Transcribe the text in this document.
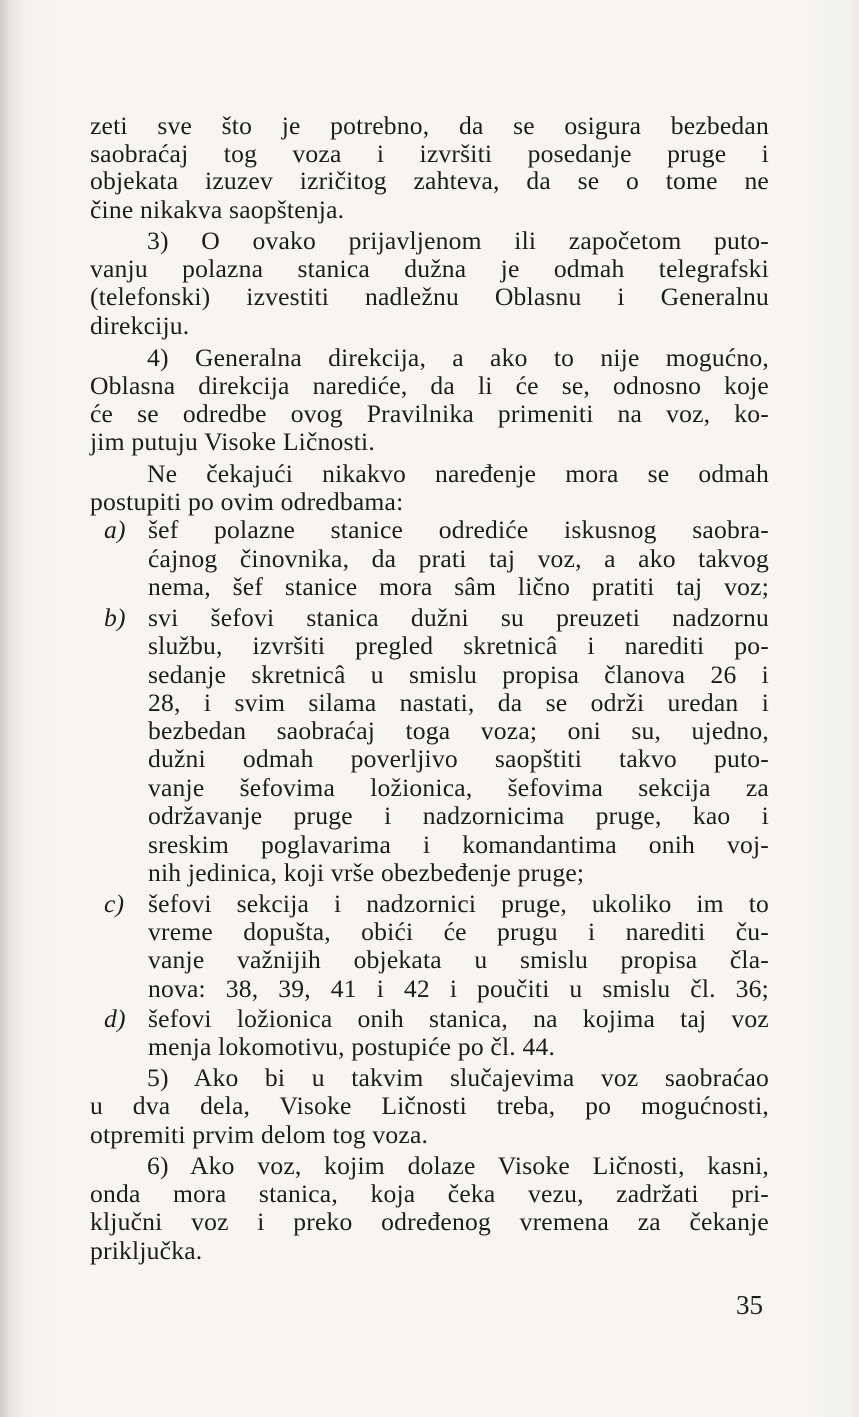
zeti sve što je potrebno, da se osigura bezbedan
saobraćaj tog voza i izvršiti posedanje pruge i
objekata izuzev izričitog zahteva, da se o tome ne
čine nikakva saopštenja.
3) O ovako prijavljenom ili započetom puto-
vanju polazna stanica dužna je odmah telegrafski
(telefonski) izvestiti nadležnu Oblasnu i Generalnu
direkciju.
4) Generalna direkcija, a ako to nije mogućno,
Oblasna direkcija narediće, da li će se, odnosno koje
će se odredbe ovog Pravilnika primeniti na voz, ko-
jim putuju Visoke Ličnosti.
Ne čekajući nikakvo naređenje mora se odmah
postupiti po ovim odredbama:
a) šef polazne stanice odrediće iskusnog saobra-
ćajnog činovnika, da prati taj voz, a ako takvog
nema, šef stanice mora sâm lično pratiti taj voz;
b) svi šefovi stanica dužni su preuzeti nadzornu
službu, izvršiti pregled skretnicâ i narediti po-
sedanje skretnicâ u smislu propisa članova 26 i
28, i svim silama nastati, da se održi uredan i
bezbedan saobraćaj toga voza; oni su, ujedno,
dužni odmah poverljivo saopštiti takvo puto-
vanje šefovima ložionica, šefovima sekcija za
održavanje pruge i nadzornicima pruge, kao i
sreskim poglavarima i komandantima onih voj-
nih jedinica, koji vrše obezbeđenje pruge;
c) šefovi sekcija i nadzornici pruge, ukoliko im to
vreme dopušta, obići će prugu i narediti ču-
vanje važnijih objekata u smislu propisa čla-
nova: 38, 39, 41 i 42 i poučiti u smislu čl. 36;
d) šefovi ložionica onih stanica, na kojima taj voz
menja lokomotivu, postupiće po čl. 44.
5) Ako bi u takvim slučajevima voz saobraćao
u dva dela, Visoke Ličnosti treba, po mogućnosti,
otpremiti prvim delom tog voza.
6) Ako voz, kojim dolaze Visoke Ličnosti, kasni,
onda mora stanica, koja čeka vezu, zadržati pri-
ključni voz i preko određenog vremena za čekanje
priključka.
35
